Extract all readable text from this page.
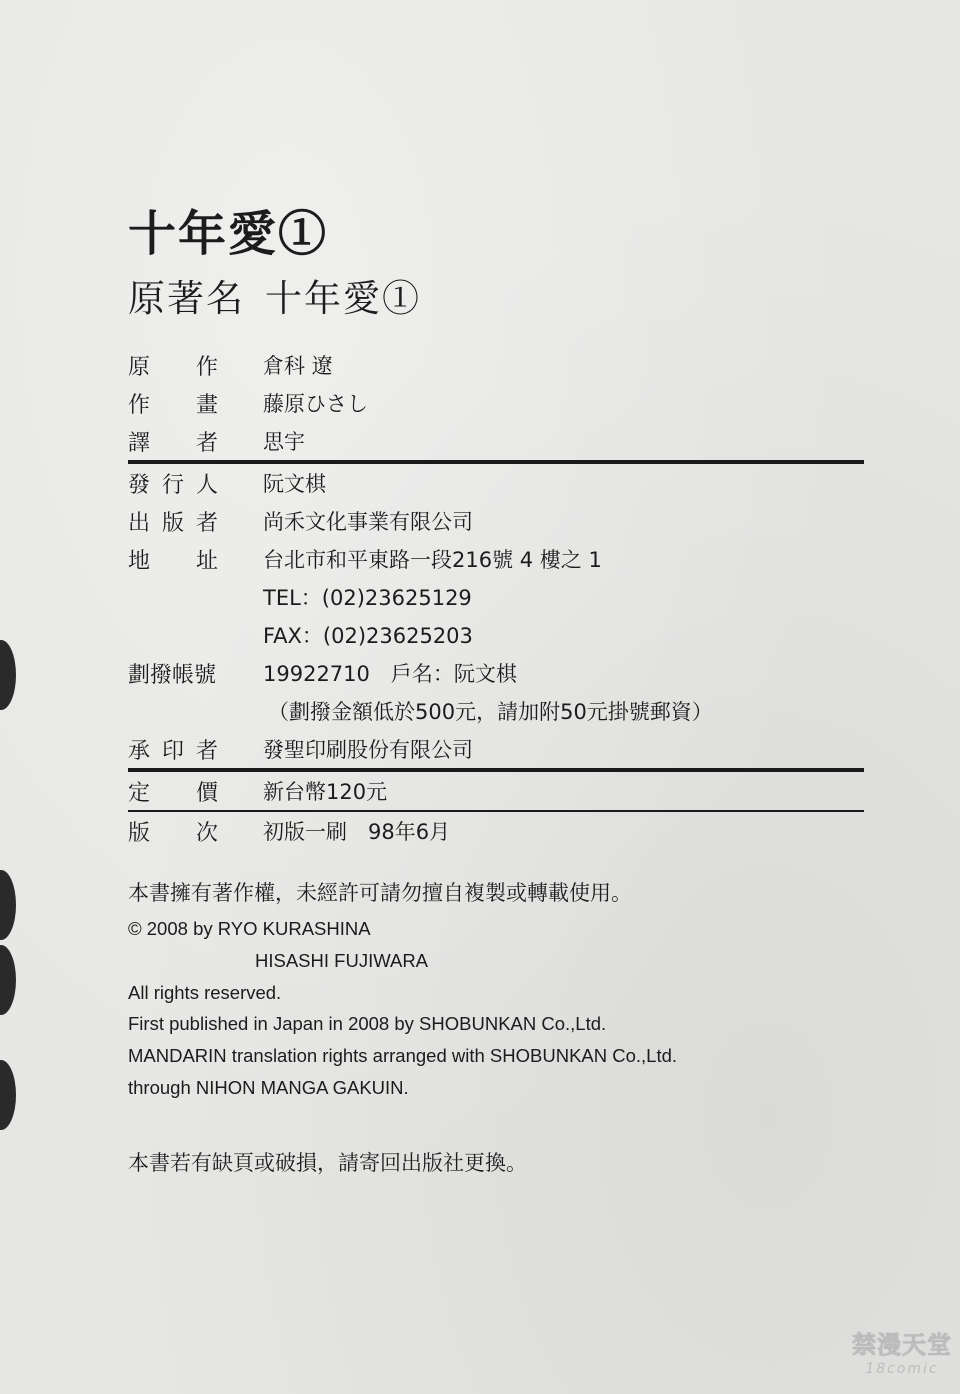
十年愛①
原著名 十年愛①
原 作 倉科 遼
作 畫 藤原ひさし
譯 者 思宇
發 行 人 阮文棋
出 版 者 尚禾文化事業有限公司
地 址 台北市和平東路一段216號 4 樓之 1
TEL：(02)23625129
FAX：(02)23625203
劃撥帳號 19922710　戶名：阮文棋
（劃撥金額低於500元，請加附50元掛號郵資）
承 印 者 發聖印刷股份有限公司
定 價 新台幣120元
版 次 初版一刷　98年6月
本書擁有著作權，未經許可請勿擅自複製或轉載使用。
© 2008 by RYO KURASHINA
HISASHI FUJIWARA
All rights reserved.
First published in Japan in 2008 by SHOBUNKAN Co.,Ltd.
MANDARIN translation rights arranged with SHOBUNKAN Co.,Ltd.
through NIHON MANGA GAKUIN.
本書若有缺頁或破損，請寄回出版社更換。
禁漫天堂
18comic
